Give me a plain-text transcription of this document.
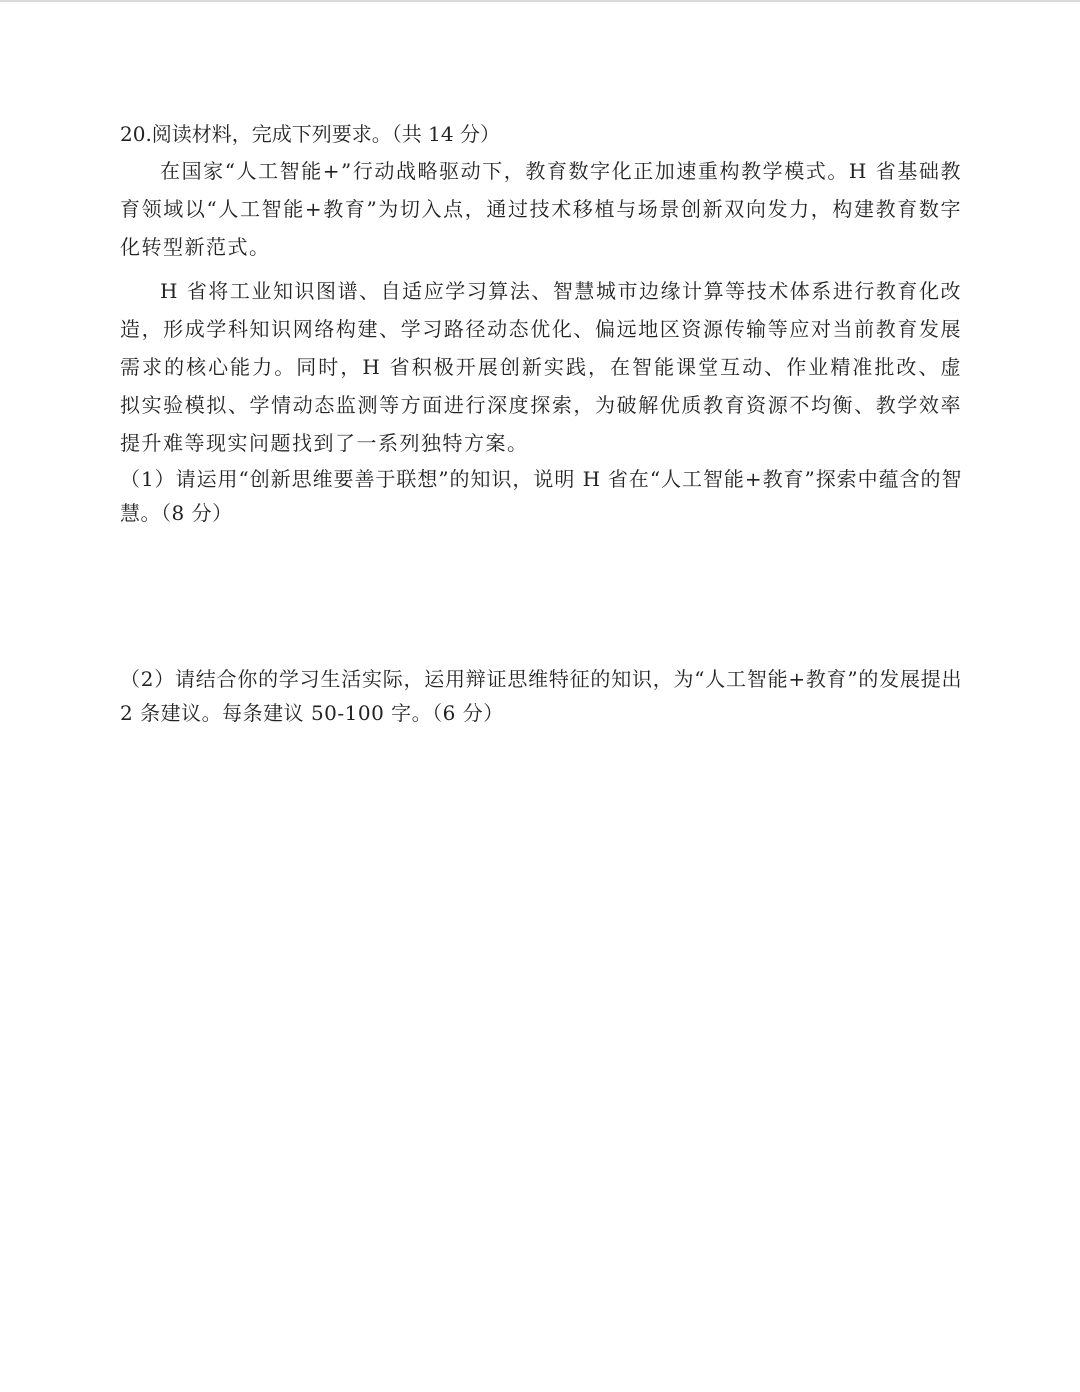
20.阅读材料，完成下列要求。（共 14 分）

在国家“人工智能+”行动战略驱动下，教育数字化正加速重构教学模式。H 省基础教育领域以“人工智能+教育”为切入点，通过技术移植与场景创新双向发力，构建教育数字化转型新范式。

H 省将工业知识图谱、自适应学习算法、智慧城市边缘计算等技术体系进行教育化改造，形成学科知识网络构建、学习路径动态优化、偏远地区资源传输等应对当前教育发展需求的核心能力。同时，H 省积极开展创新实践，在智能课堂互动、作业精准批改、虚拟实验模拟、学情动态监测等方面进行深度探索，为破解优质教育资源不均衡、教学效率提升难等现实问题找到了一系列独特方案。

（1）请运用“创新思维要善于联想”的知识，说明 H 省在“人工智能+教育”探索中蕴含的智慧。（8 分）

（2）请结合你的学习生活实际，运用辩证思维特征的知识，为“人工智能+教育”的发展提出 2 条建议。每条建议 50-100 字。（6 分）
